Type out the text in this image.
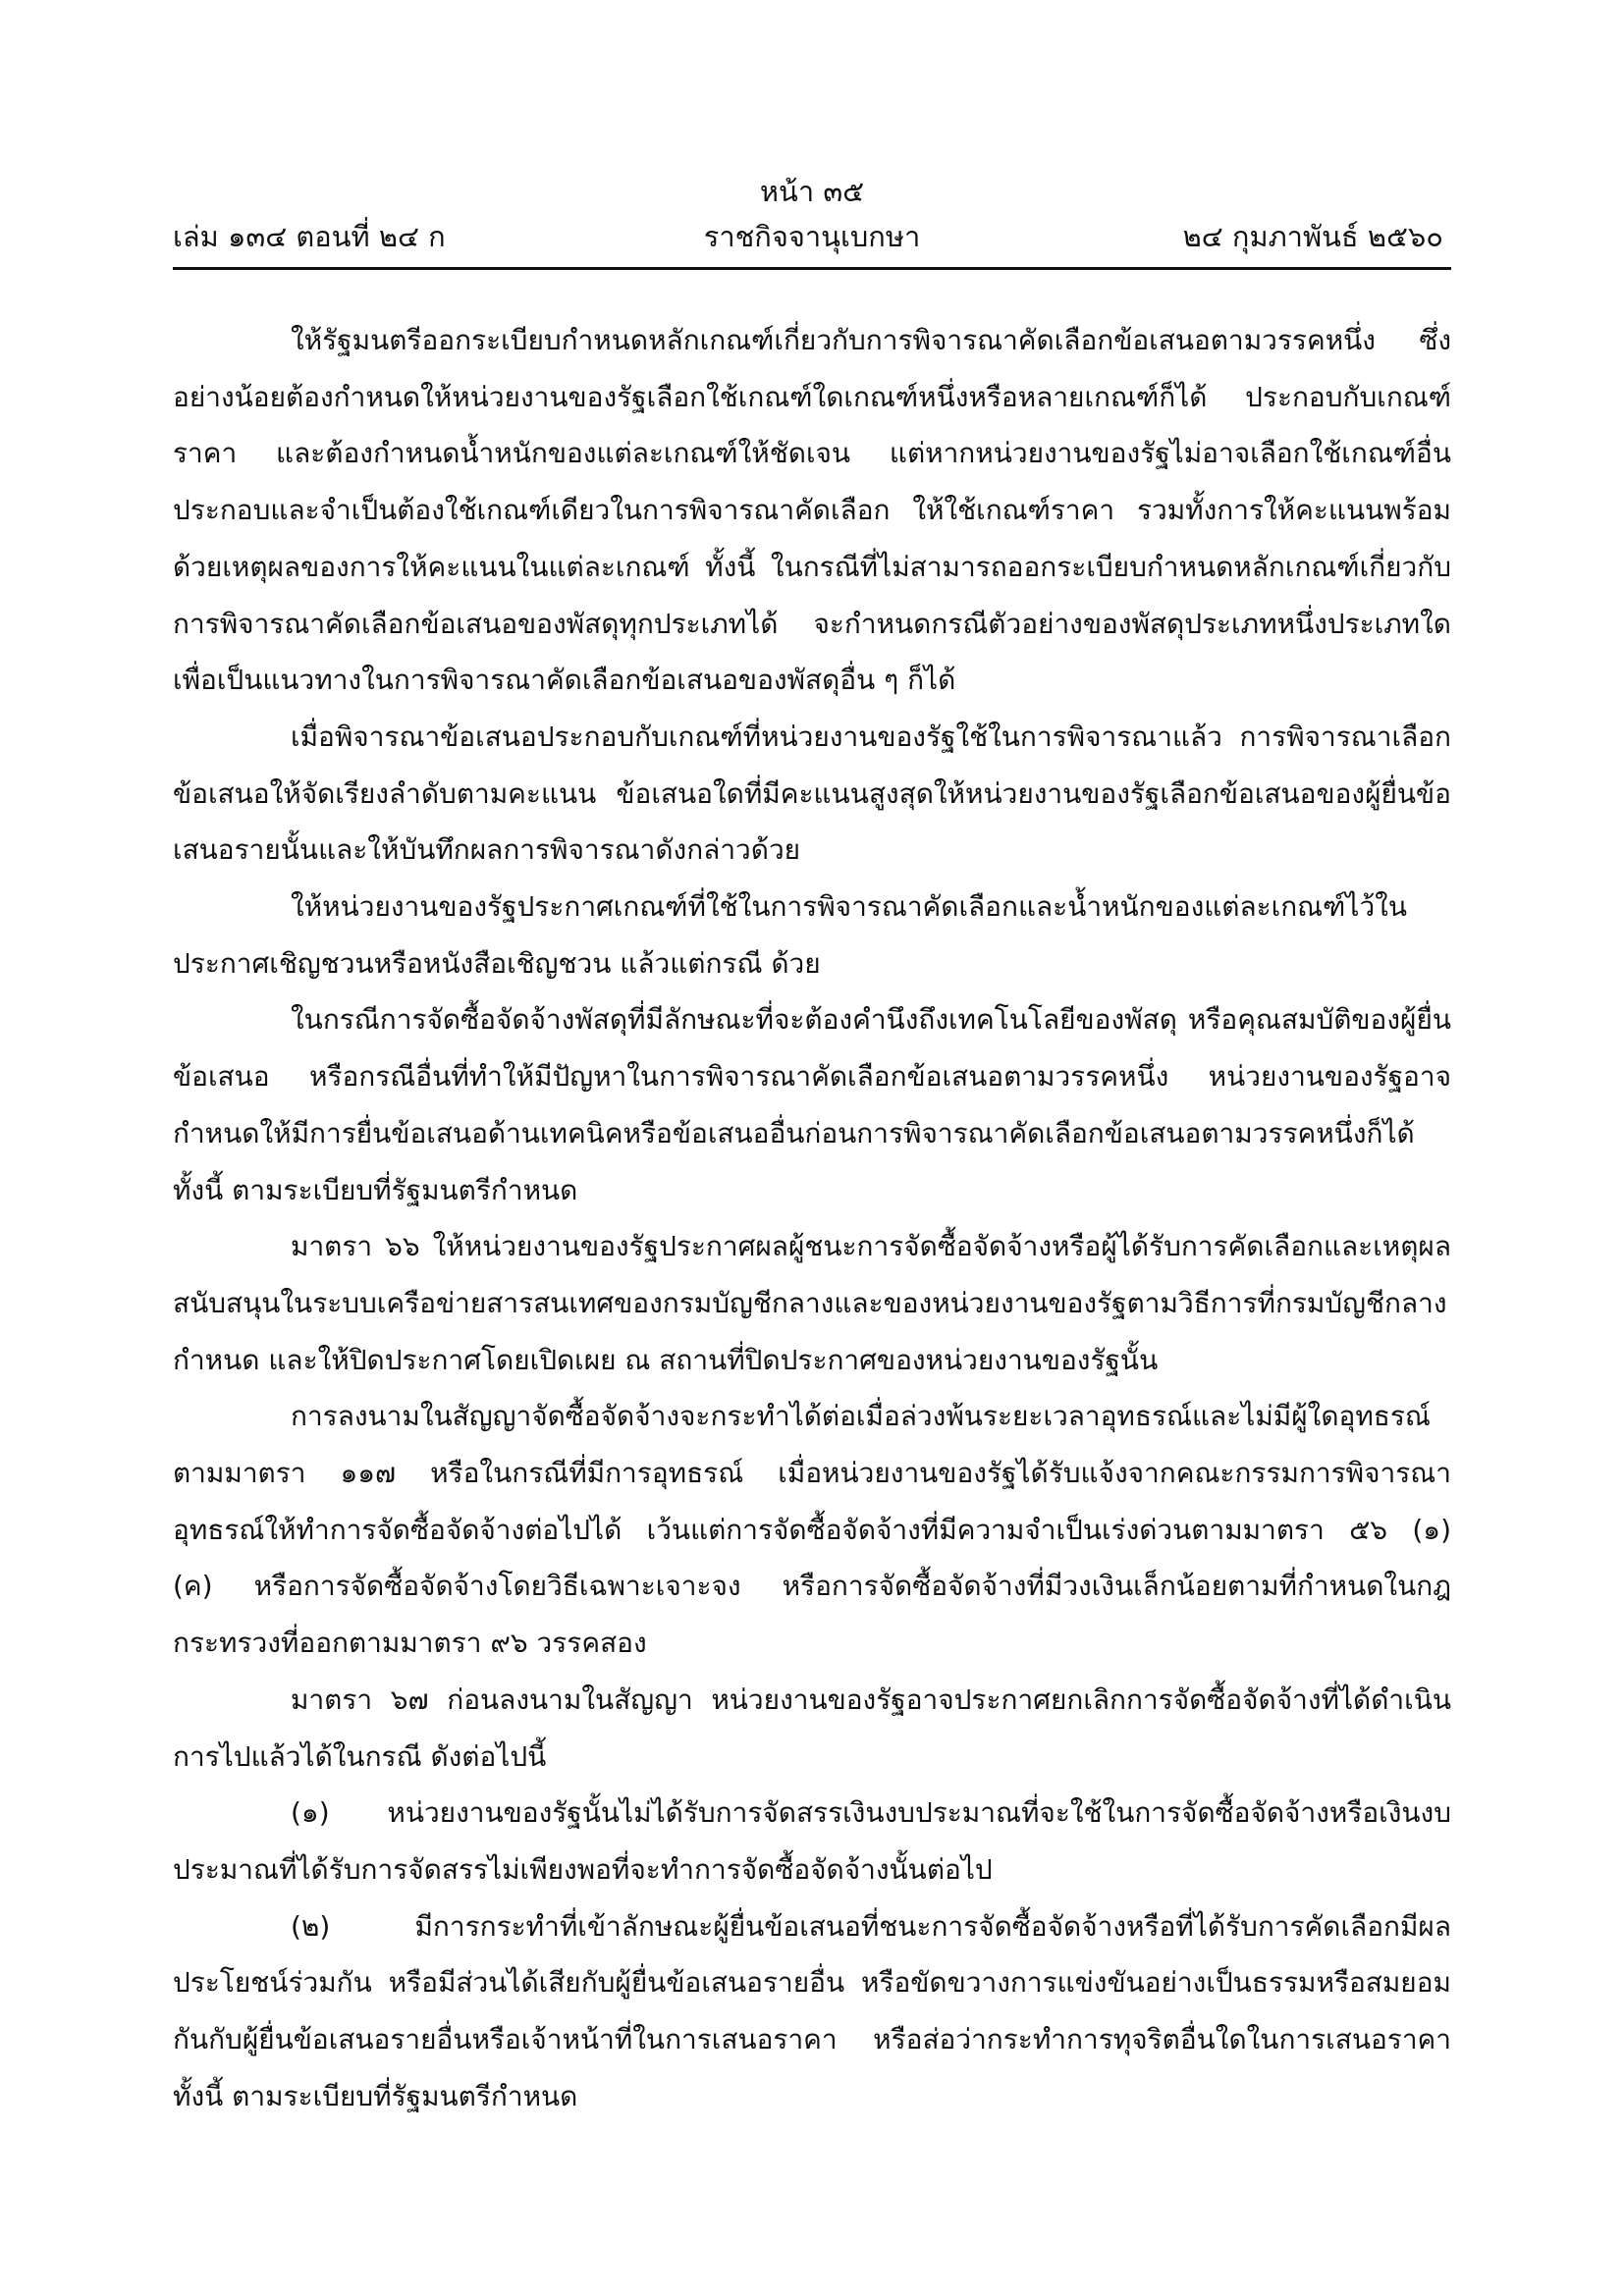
หน้า ๓๕
เล่ม ๑๓๔ ตอนที่ ๒๔ ก	ราชกิจจานุเบกษา	๒๔ กุมภาพันธ์ ๒๕๖๐

ให้รัฐมนตรีออกระเบียบกำหนดหลักเกณฑ์เกี่ยวกับการพิจารณาคัดเลือกข้อเสนอตามวรรคหนึ่ง ซึ่งอย่างน้อยต้องกำหนดให้หน่วยงานของรัฐเลือกใช้เกณฑ์ใดเกณฑ์หนึ่งหรือหลายเกณฑ์ก็ได้ ประกอบกับเกณฑ์ราคา และต้องกำหนดน้ำหนักของแต่ละเกณฑ์ให้ชัดเจน แต่หากหน่วยงานของรัฐไม่อาจเลือกใช้เกณฑ์อื่นประกอบและจำเป็นต้องใช้เกณฑ์เดียวในการพิจารณาคัดเลือก ให้ใช้เกณฑ์ราคา รวมทั้งการให้คะแนนพร้อมด้วยเหตุผลของการให้คะแนนในแต่ละเกณฑ์ ทั้งนี้ ในกรณีที่ไม่สามารถออกระเบียบกำหนดหลักเกณฑ์เกี่ยวกับการพิจารณาคัดเลือกข้อเสนอของพัสดุทุกประเภทได้ จะกำหนดกรณีตัวอย่างของพัสดุประเภทหนึ่งประเภทใดเพื่อเป็นแนวทางในการพิจารณาคัดเลือกข้อเสนอของพัสดุอื่น ๆ ก็ได้

เมื่อพิจารณาข้อเสนอประกอบกับเกณฑ์ที่หน่วยงานของรัฐใช้ในการพิจารณาแล้ว การพิจารณาเลือกข้อเสนอให้จัดเรียงลำดับตามคะแนน ข้อเสนอใดที่มีคะแนนสูงสุดให้หน่วยงานของรัฐเลือกข้อเสนอของผู้ยื่นข้อเสนอรายนั้นและให้บันทึกผลการพิจารณาดังกล่าวด้วย

ให้หน่วยงานของรัฐประกาศเกณฑ์ที่ใช้ในการพิจารณาคัดเลือกและน้ำหนักของแต่ละเกณฑ์ไว้ในประกาศเชิญชวนหรือหนังสือเชิญชวน แล้วแต่กรณี ด้วย

ในกรณีการจัดซื้อจัดจ้างพัสดุที่มีลักษณะที่จะต้องคำนึงถึงเทคโนโลยีของพัสดุ หรือคุณสมบัติของผู้ยื่นข้อเสนอ หรือกรณีอื่นที่ทำให้มีปัญหาในการพิจารณาคัดเลือกข้อเสนอตามวรรคหนึ่ง หน่วยงานของรัฐอาจกำหนดให้มีการยื่นข้อเสนอด้านเทคนิคหรือข้อเสนออื่นก่อนการพิจารณาคัดเลือกข้อเสนอตามวรรคหนึ่งก็ได้ ทั้งนี้ ตามระเบียบที่รัฐมนตรีกำหนด

มาตรา ๖๖ ให้หน่วยงานของรัฐประกาศผลผู้ชนะการจัดซื้อจัดจ้างหรือผู้ได้รับการคัดเลือกและเหตุผลสนับสนุนในระบบเครือข่ายสารสนเทศของกรมบัญชีกลางและของหน่วยงานของรัฐตามวิธีการที่กรมบัญชีกลางกำหนด และให้ปิดประกาศโดยเปิดเผย ณ สถานที่ปิดประกาศของหน่วยงานของรัฐนั้น

การลงนามในสัญญาจัดซื้อจัดจ้างจะกระทำได้ต่อเมื่อล่วงพ้นระยะเวลาอุทธรณ์และไม่มีผู้ใดอุทธรณ์ตามมาตรา ๑๑๗ หรือในกรณีที่มีการอุทธรณ์ เมื่อหน่วยงานของรัฐได้รับแจ้งจากคณะกรรมการพิจารณาอุทธรณ์ให้ทำการจัดซื้อจัดจ้างต่อไปได้ เว้นแต่การจัดซื้อจัดจ้างที่มีความจำเป็นเร่งด่วนตามมาตรา ๕๖ (๑) (ค) หรือการจัดซื้อจัดจ้างโดยวิธีเฉพาะเจาะจง หรือการจัดซื้อจัดจ้างที่มีวงเงินเล็กน้อยตามที่กำหนดในกฎกระทรวงที่ออกตามมาตรา ๙๖ วรรคสอง

มาตรา ๖๗ ก่อนลงนามในสัญญา หน่วยงานของรัฐอาจประกาศยกเลิกการจัดซื้อจัดจ้างที่ได้ดำเนินการไปแล้วได้ในกรณี ดังต่อไปนี้

(๑) หน่วยงานของรัฐนั้นไม่ได้รับการจัดสรรเงินงบประมาณที่จะใช้ในการจัดซื้อจัดจ้างหรือเงินงบประมาณที่ได้รับการจัดสรรไม่เพียงพอที่จะทำการจัดซื้อจัดจ้างนั้นต่อไป

(๒) มีการกระทำที่เข้าลักษณะผู้ยื่นข้อเสนอที่ชนะการจัดซื้อจัดจ้างหรือที่ได้รับการคัดเลือกมีผลประโยชน์ร่วมกัน หรือมีส่วนได้เสียกับผู้ยื่นข้อเสนอรายอื่น หรือขัดขวางการแข่งขันอย่างเป็นธรรมหรือสมยอมกันกับผู้ยื่นข้อเสนอรายอื่นหรือเจ้าหน้าที่ในการเสนอราคา หรือส่อว่ากระทำการทุจริตอื่นใดในการเสนอราคา ทั้งนี้ ตามระเบียบที่รัฐมนตรีกำหนด
